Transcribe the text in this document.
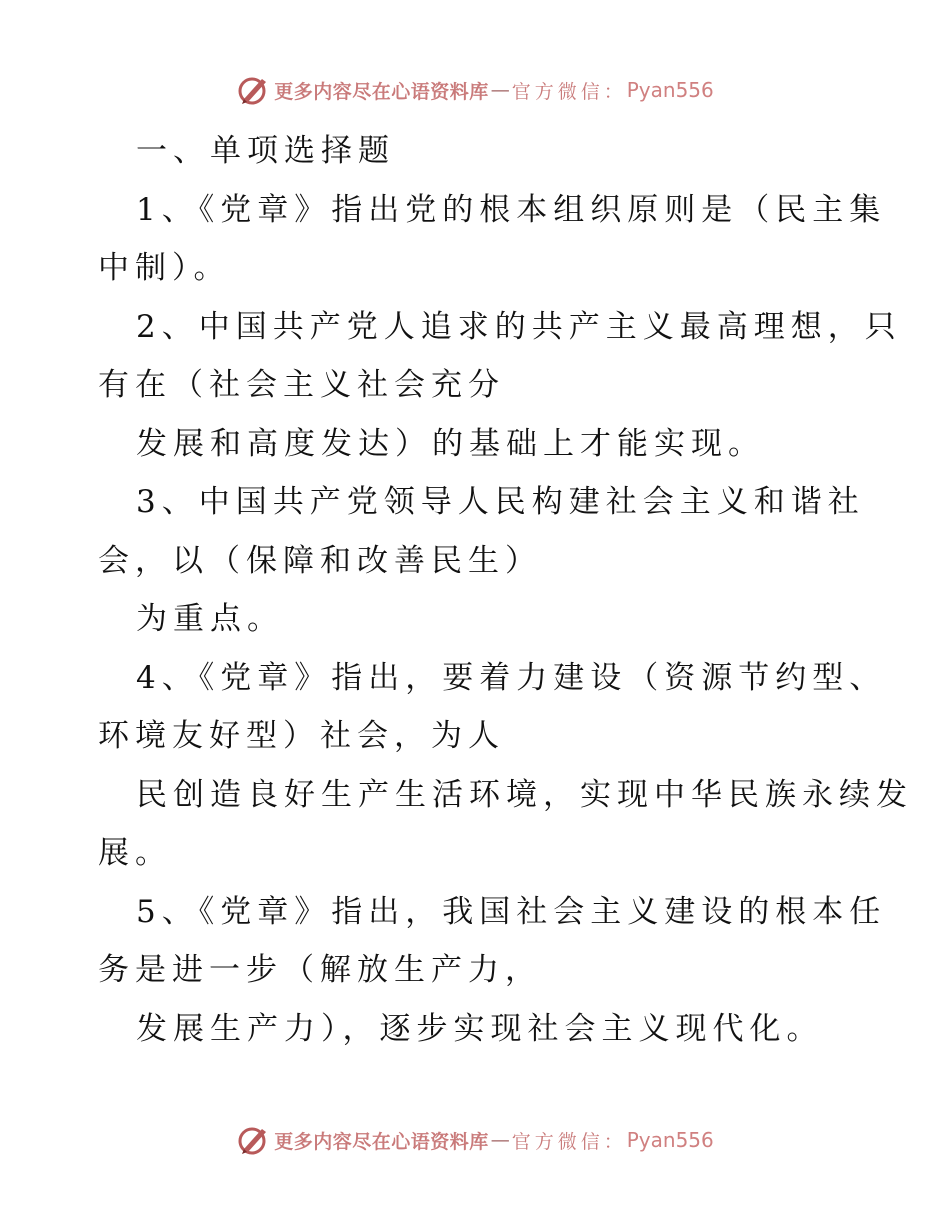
更多内容尽在心语资料库 — 官方微信： Pyan556
一、单项选择题
1、《党章》指出党的根本组织原则是（民主集
中制）。
2、中国共产党人追求的共产主义最高理想，只
有在（社会主义社会充分
发展和高度发达）的基础上才能实现。
3、中国共产党领导人民构建社会主义和谐社
会，以（保障和改善民生）
为重点。
4、《党章》指出，要着力建设（资源节约型、
环境友好型）社会，为人
民创造良好生产生活环境，实现中华民族永续发
展。
5、《党章》指出，我国社会主义建设的根本任
务是进一步（解放生产力，
发展生产力），逐步实现社会主义现代化。
更多内容尽在心语资料库 — 官方微信： Pyan556
